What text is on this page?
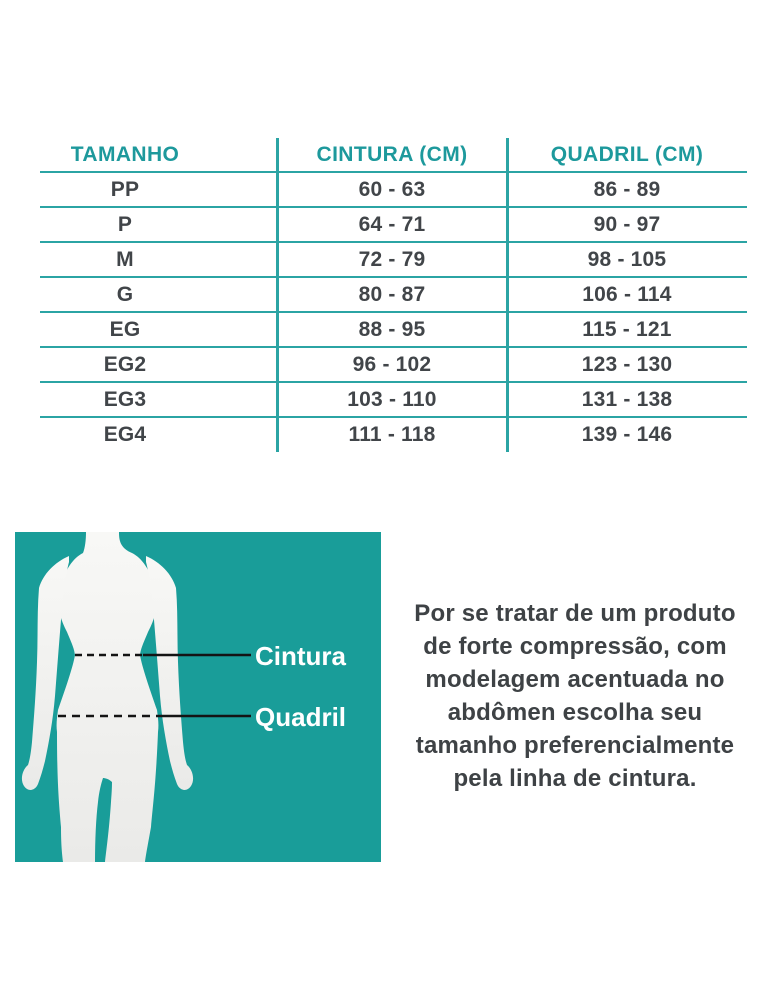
TAMANHO	CINTURA (CM)	QUADRIL (CM)
PP	60 - 63	86 - 89
P	64 - 71	90 - 97
M	72 - 79	98 - 105
G	80 - 87	106 - 114
EG	88 - 95	115 - 121
EG2	96 - 102	123 - 130
EG3	103 - 110	131 - 138
EG4	111 - 118	139 - 146
Cintura
Quadril
Por se tratar de um produto
de forte compressão, com
modelagem acentuada no
abdômen escolha seu
tamanho preferencialmente
pela linha de cintura.
